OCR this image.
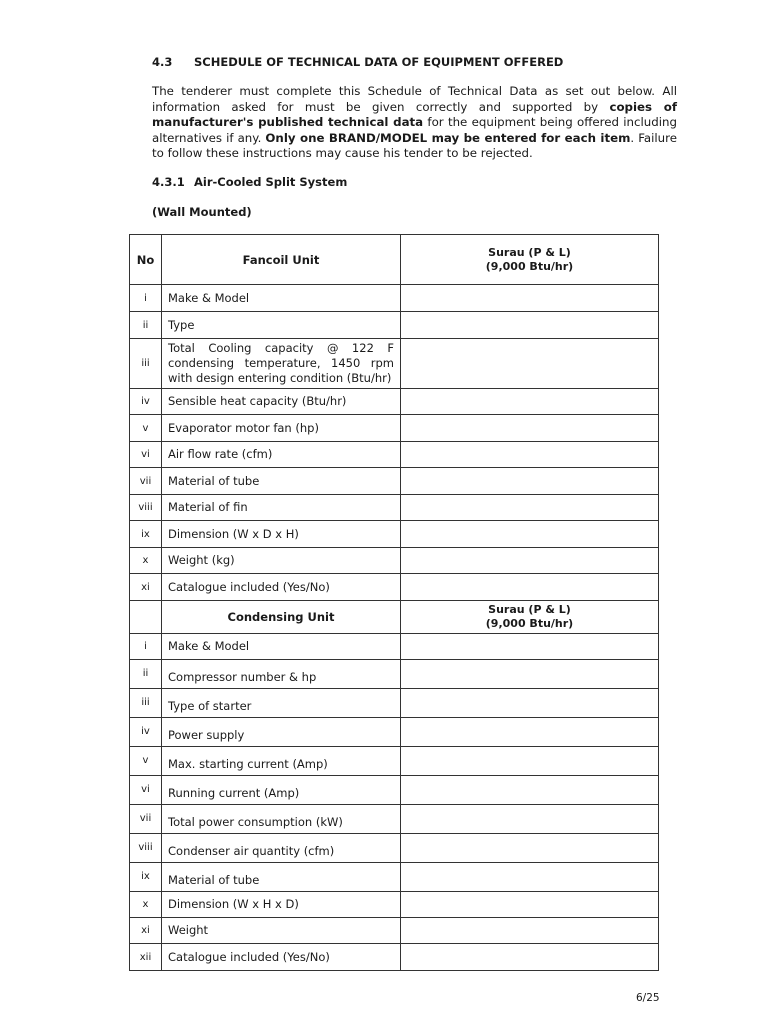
4.3 SCHEDULE OF TECHNICAL DATA OF EQUIPMENT OFFERED
The tenderer must complete this Schedule of Technical Data as set out below. All information asked for must be given correctly and supported by copies of manufacturer's published technical data for the equipment being offered including alternatives if any. Only one BRAND/MODEL may be entered for each item. Failure to follow these instructions may cause his tender to be rejected.
4.3.1 Air-Cooled Split System
(Wall Mounted)
No	Fancoil Unit	Surau (P & L)
(9,000 Btu/hr)

i	Make & Model	
ii	Type	
iii	Total Cooling capacity @ 122 F condensing temperature, 1450 rpm with design entering condition (Btu/hr)	
iv	Sensible heat capacity (Btu/hr)	
v	Evaporator motor fan (hp)	
vi	Air flow rate (cfm)	
vii	Material of tube	
viii	Material of fin	
ix	Dimension (W x D x H)	
x	Weight (kg)	
xi	Catalogue included (Yes/No)	
	Condensing Unit	Surau (P & L)
(9,000 Btu/hr)

i	Make & Model	
ii	Compressor number & hp	
iii	Type of starter	
iv	Power supply	
v	Max. starting current (Amp)	
vi	Running current (Amp)	
vii	Total power consumption (kW)	
viii	Condenser air quantity (cfm)	
ix	Material of tube	
x	Dimension (W x H x D)	
xi	Weight	
xii	Catalogue included (Yes/No)	
6/25
